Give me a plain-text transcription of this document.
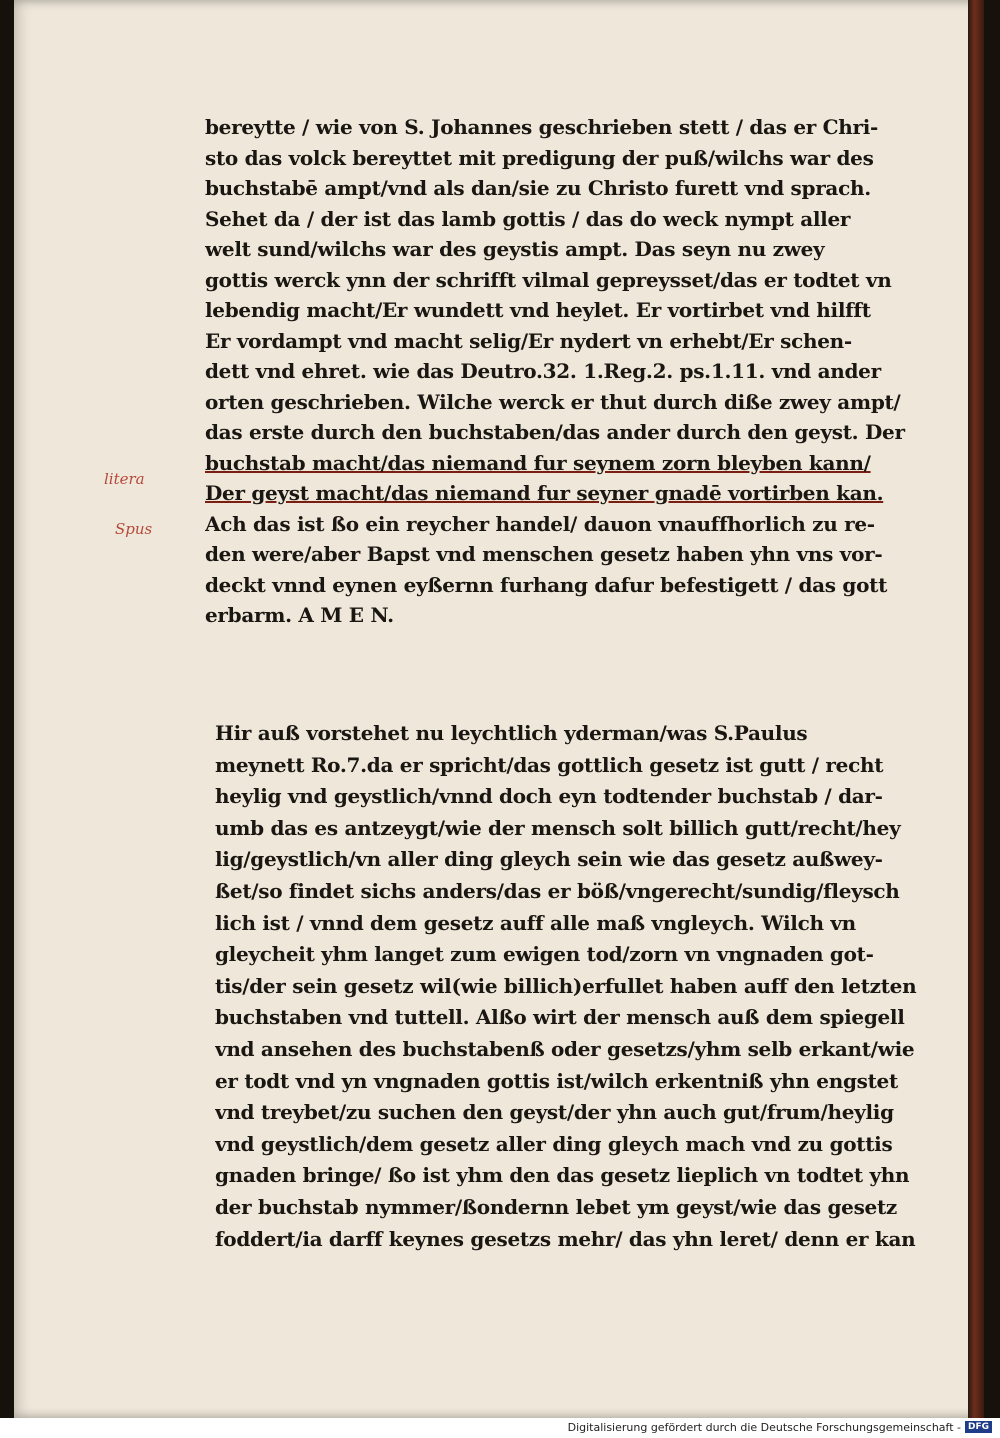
litera
Spus
bereytte / wie von S. Johannes geschrieben stett / das er Chri-
sto das volck bereyttet mit predigung der puß/wilchs war des
buchstabē ampt/vnd als dan/sie zu Christo furett vnd sprach.
Sehet da / der ist das lamb gottis / das do weck nympt aller
welt sund/wilchs war des geystis ampt. Das seyn nu zwey
gottis werck ynn der schrifft vilmal gepreysset/das er todtet vn
lebendig macht/Er wundett vnd heylet. Er vortirbet vnd hilfft
Er vordampt vnd macht selig/Er nydert vn erhebt/Er schen-
dett vnd ehret. wie das Deutro.32. 1.Reg.2. ps.1.11. vnd ander
orten geschrieben. Wilche werck er thut durch diße zwey ampt/
das erste durch den buchstaben/das ander durch den geyst. Der
buchstab macht/das niemand fur seynem zorn bleyben kann/
Der geyst macht/das niemand fur seyner gnadē vortirben kan.
Ach das ist ßo ein reycher handel/ dauon vnauffhorlich zu re-
den were/aber Bapst vnd menschen gesetz haben yhn vns vor-
deckt vnnd eynen eyßernn furhang dafur befestigett / das gott
erbarm. A M E N.
Hir auß vorstehet nu leychtlich yderman/was S.Paulus
meynett Ro.7.da er spricht/das gottlich gesetz ist gutt / recht
heylig vnd geystlich/vnnd doch eyn todtender buchstab / dar-
umb das es antzeygt/wie der mensch solt billich gutt/recht/hey
lig/geystlich/vn aller ding gleych sein wie das gesetz außwey-
ßet/so findet sichs anders/das er böß/vngerecht/sundig/fleysch
lich ist / vnnd dem gesetz auff alle maß vngleych. Wilch vn
gleycheit yhm langet zum ewigen tod/zorn vn vngnaden got-
tis/der sein gesetz wil(wie billich)erfullet haben auff den letzten
buchstaben vnd tuttell. Alßo wirt der mensch auß dem spiegell
vnd ansehen des buchstabenß oder gesetzs/yhm selb erkant/wie
er todt vnd yn vngnaden gottis ist/wilch erkentniß yhn engstet
vnd treybet/zu suchen den geyst/der yhn auch gut/frum/heylig
vnd geystlich/dem gesetz aller ding gleych mach vnd zu gottis
gnaden bringe/ ßo ist yhm den das gesetz lieplich vn todtet yhn
der buchstab nymmer/ßondernn lebet ym geyst/wie das gesetz
foddert/ia darff keynes gesetzs mehr/ das yhn leret/ denn er kan
Digitalisierung gefördert durch die Deutsche Forschungsgemeinschaft - DFG
